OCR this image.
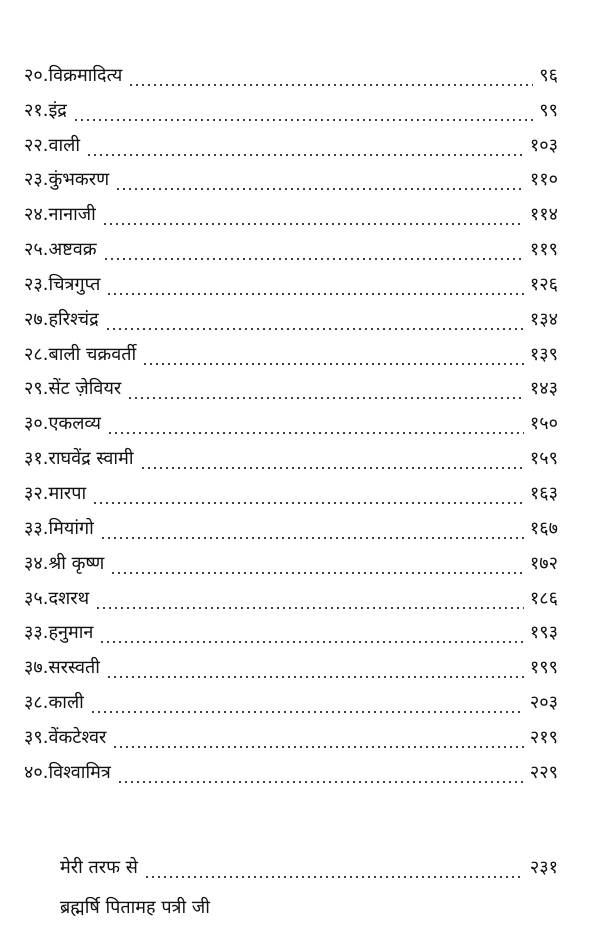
२०. विक्रमादित्य	९६
२१. इंद्र	९९
२२. वाली	१०३
२३. कुंभकरण	११०
२४. नानाजी	११४
२५. अष्टवक्र	११९
२३. चित्रगुप्त	१२६
२७. हरिश्चंद्र	१३४
२८. बाली चक्रवर्ती	१३९
२९. सेंट ज़ेवियर	१४३
३०. एकलव्य	१५०
३१. राघवेंद्र स्वामी	१५९
३२. मारपा	१६३
३३. मियांगो	१६७
३४. श्री कृष्ण	१७२
३५. दशरथ	१८६
३३. हनुमान	१९३
३७. सरस्वती	१९९
३८. काली	२०३
३९. वेंकटेश्वर	२१९
४०. विश्वामित्र	२२९
मेरी तरफ से	२३१
ब्रह्मर्षि पितामह पत्री जी
